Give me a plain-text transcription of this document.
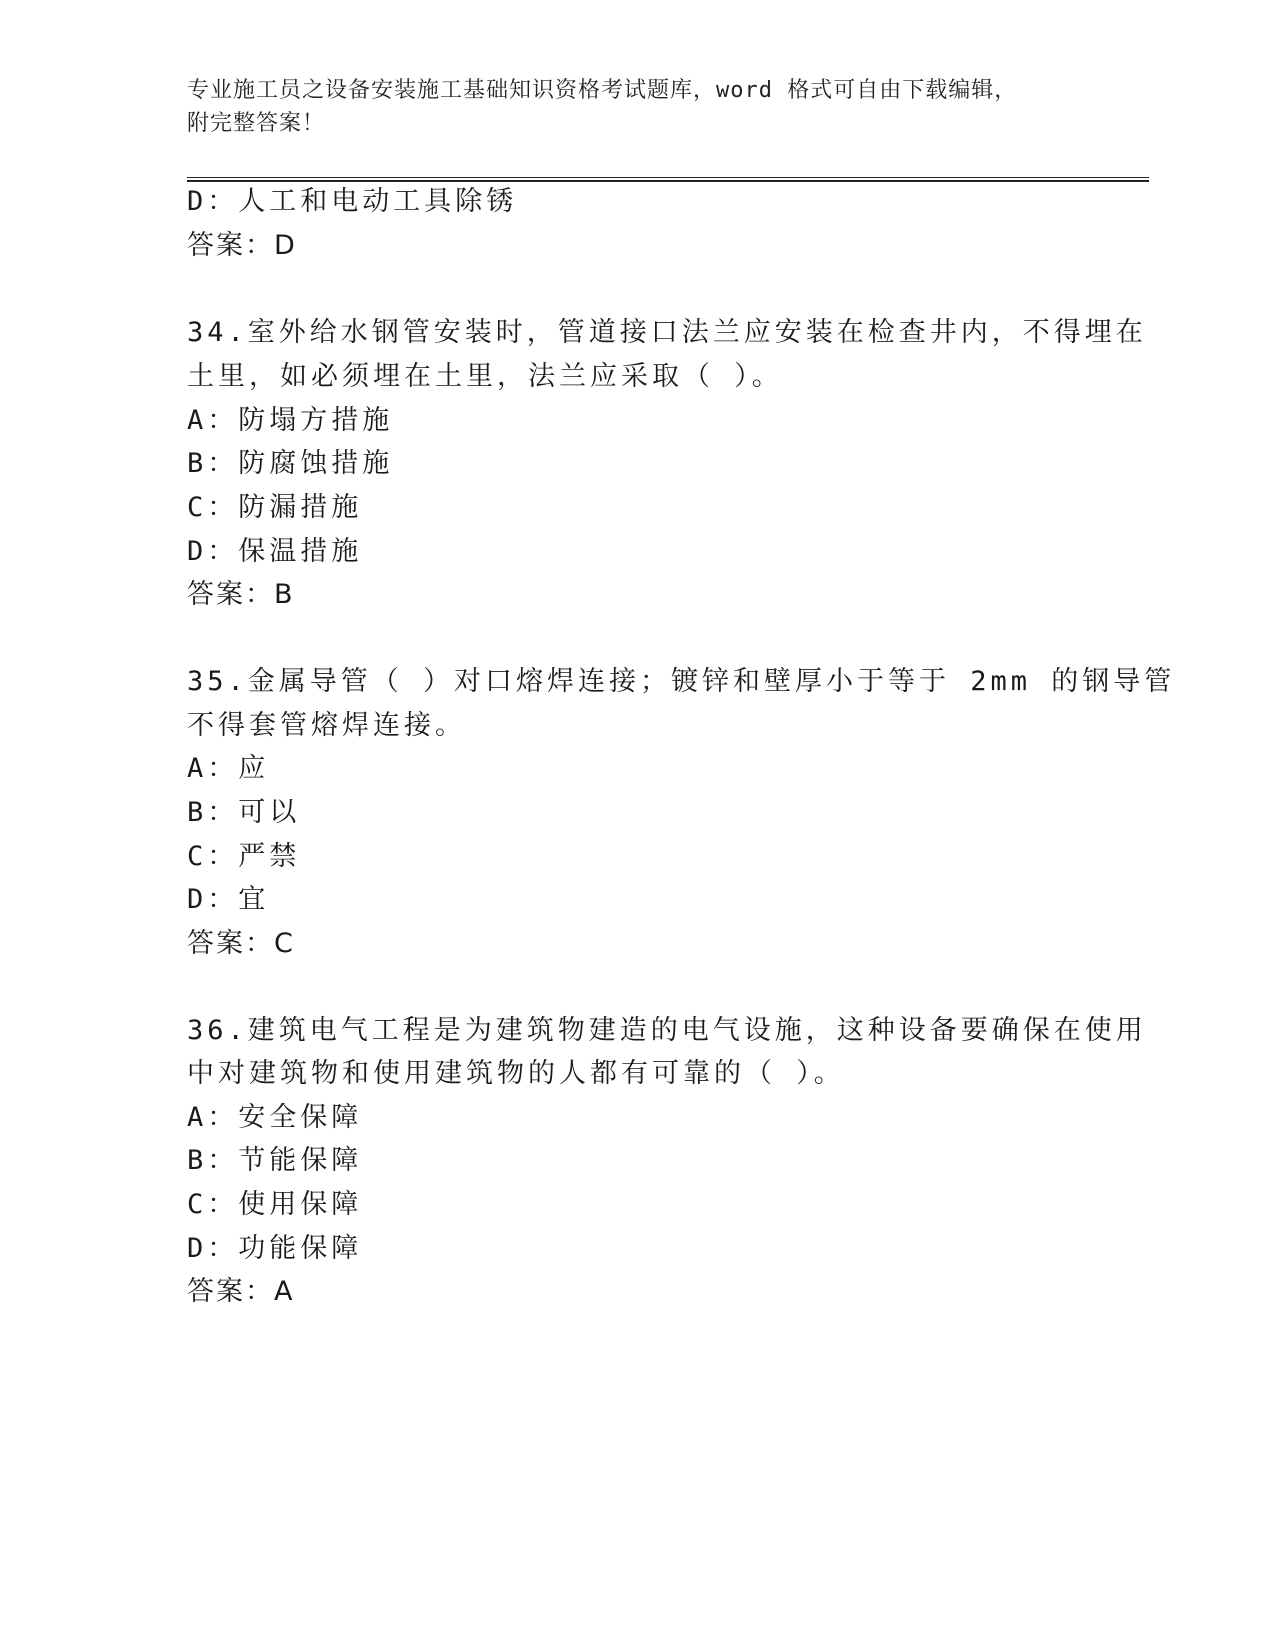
专业施工员之设备安装施工基础知识资格考试题库，word 格式可自由下载编辑，
附完整答案！
D：人工和电动工具除锈
答案：D
34.室外给水钢管安装时，管道接口法兰应安装在检查井内，不得埋在
土里，如必须埋在土里，法兰应采取（ ）。
A：防塌方措施
B：防腐蚀措施
C：防漏措施
D：保温措施
答案：B
35.金属导管（ ）对口熔焊连接；镀锌和壁厚小于等于 2mm 的钢导管
不得套管熔焊连接。
A：应
B：可以
C：严禁
D：宜
答案：C
36.建筑电气工程是为建筑物建造的电气设施，这种设备要确保在使用
中对建筑物和使用建筑物的人都有可靠的（ ）。
A：安全保障
B：节能保障
C：使用保障
D：功能保障
答案：A
